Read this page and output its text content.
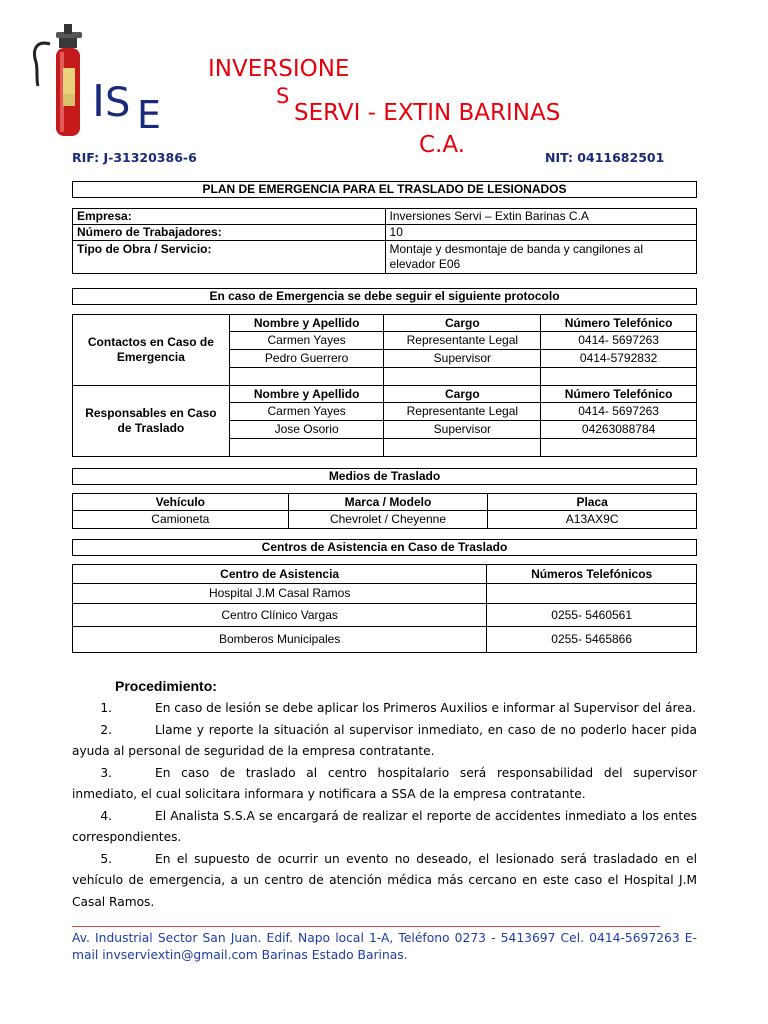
I S E
INVERSIONE
S
SERVI - EXTIN BARINAS
C.A.
RIF: J-31320386-6	NIT: 0411682501
PLAN DE EMERGENCIA PARA EL TRASLADO DE LESIONADOS
Empresa:	Inversiones Servi – Extin Barinas C.A
Número de Trabajadores:	10
Tipo de Obra / Servicio:	Montaje y desmontaje de banda y cangilones al elevador E06
En caso de Emergencia se debe seguir el siguiente protocolo
Contactos en Caso de Emergencia	Nombre y Apellido	Cargo	Número Telefónico
	Carmen Yayes	Representante Legal	0414- 5697263
	Pedro Guerrero	Supervisor	0414-5792832

Responsables en Caso de Traslado	Nombre y Apellido	Cargo	Número Telefónico
	Carmen Yayes	Representante Legal	0414- 5697263
	Jose Osorio	Supervisor	04263088784

Medios de Traslado
Vehículo	Marca / Modelo	Placa
Camioneta	Chevrolet / Cheyenne	A13AX9C
Centros de Asistencia en Caso de Traslado
Centro de Asistencia	Números Telefónicos
Hospital J.M Casal Ramos	
Centro Clínico Vargas	0255- 5460561
Bomberos Municipales	0255- 5465866
Procedimiento:

1.	En caso de lesión se debe aplicar los Primeros Auxilios e informar al Supervisor del área.

2.	Llame y reporte la situación al supervisor inmediato, en caso de no poderlo hacer pida ayuda al personal de seguridad de la empresa contratante.

3.	En caso de traslado al centro hospitalario será responsabilidad del supervisor inmediato, el cual solicitara informara y notificara a SSA de la empresa contratante.

4.	El Analista S.S.A se encargará de realizar el reporte de accidentes inmediato a los entes correspondientes.

5.	En el supuesto de ocurrir un evento no deseado, el lesionado será trasladado en el vehículo de emergencia, a un centro de atención médica más cercano en este caso el Hospital J.M Casal Ramos.

Av. Industrial Sector San Juan. Edif. Napo local 1-A, Teléfono 0273 - 5413697 Cel. 0414-5697263 E-mail invserviextin@gmail.com Barinas Estado Barinas.
